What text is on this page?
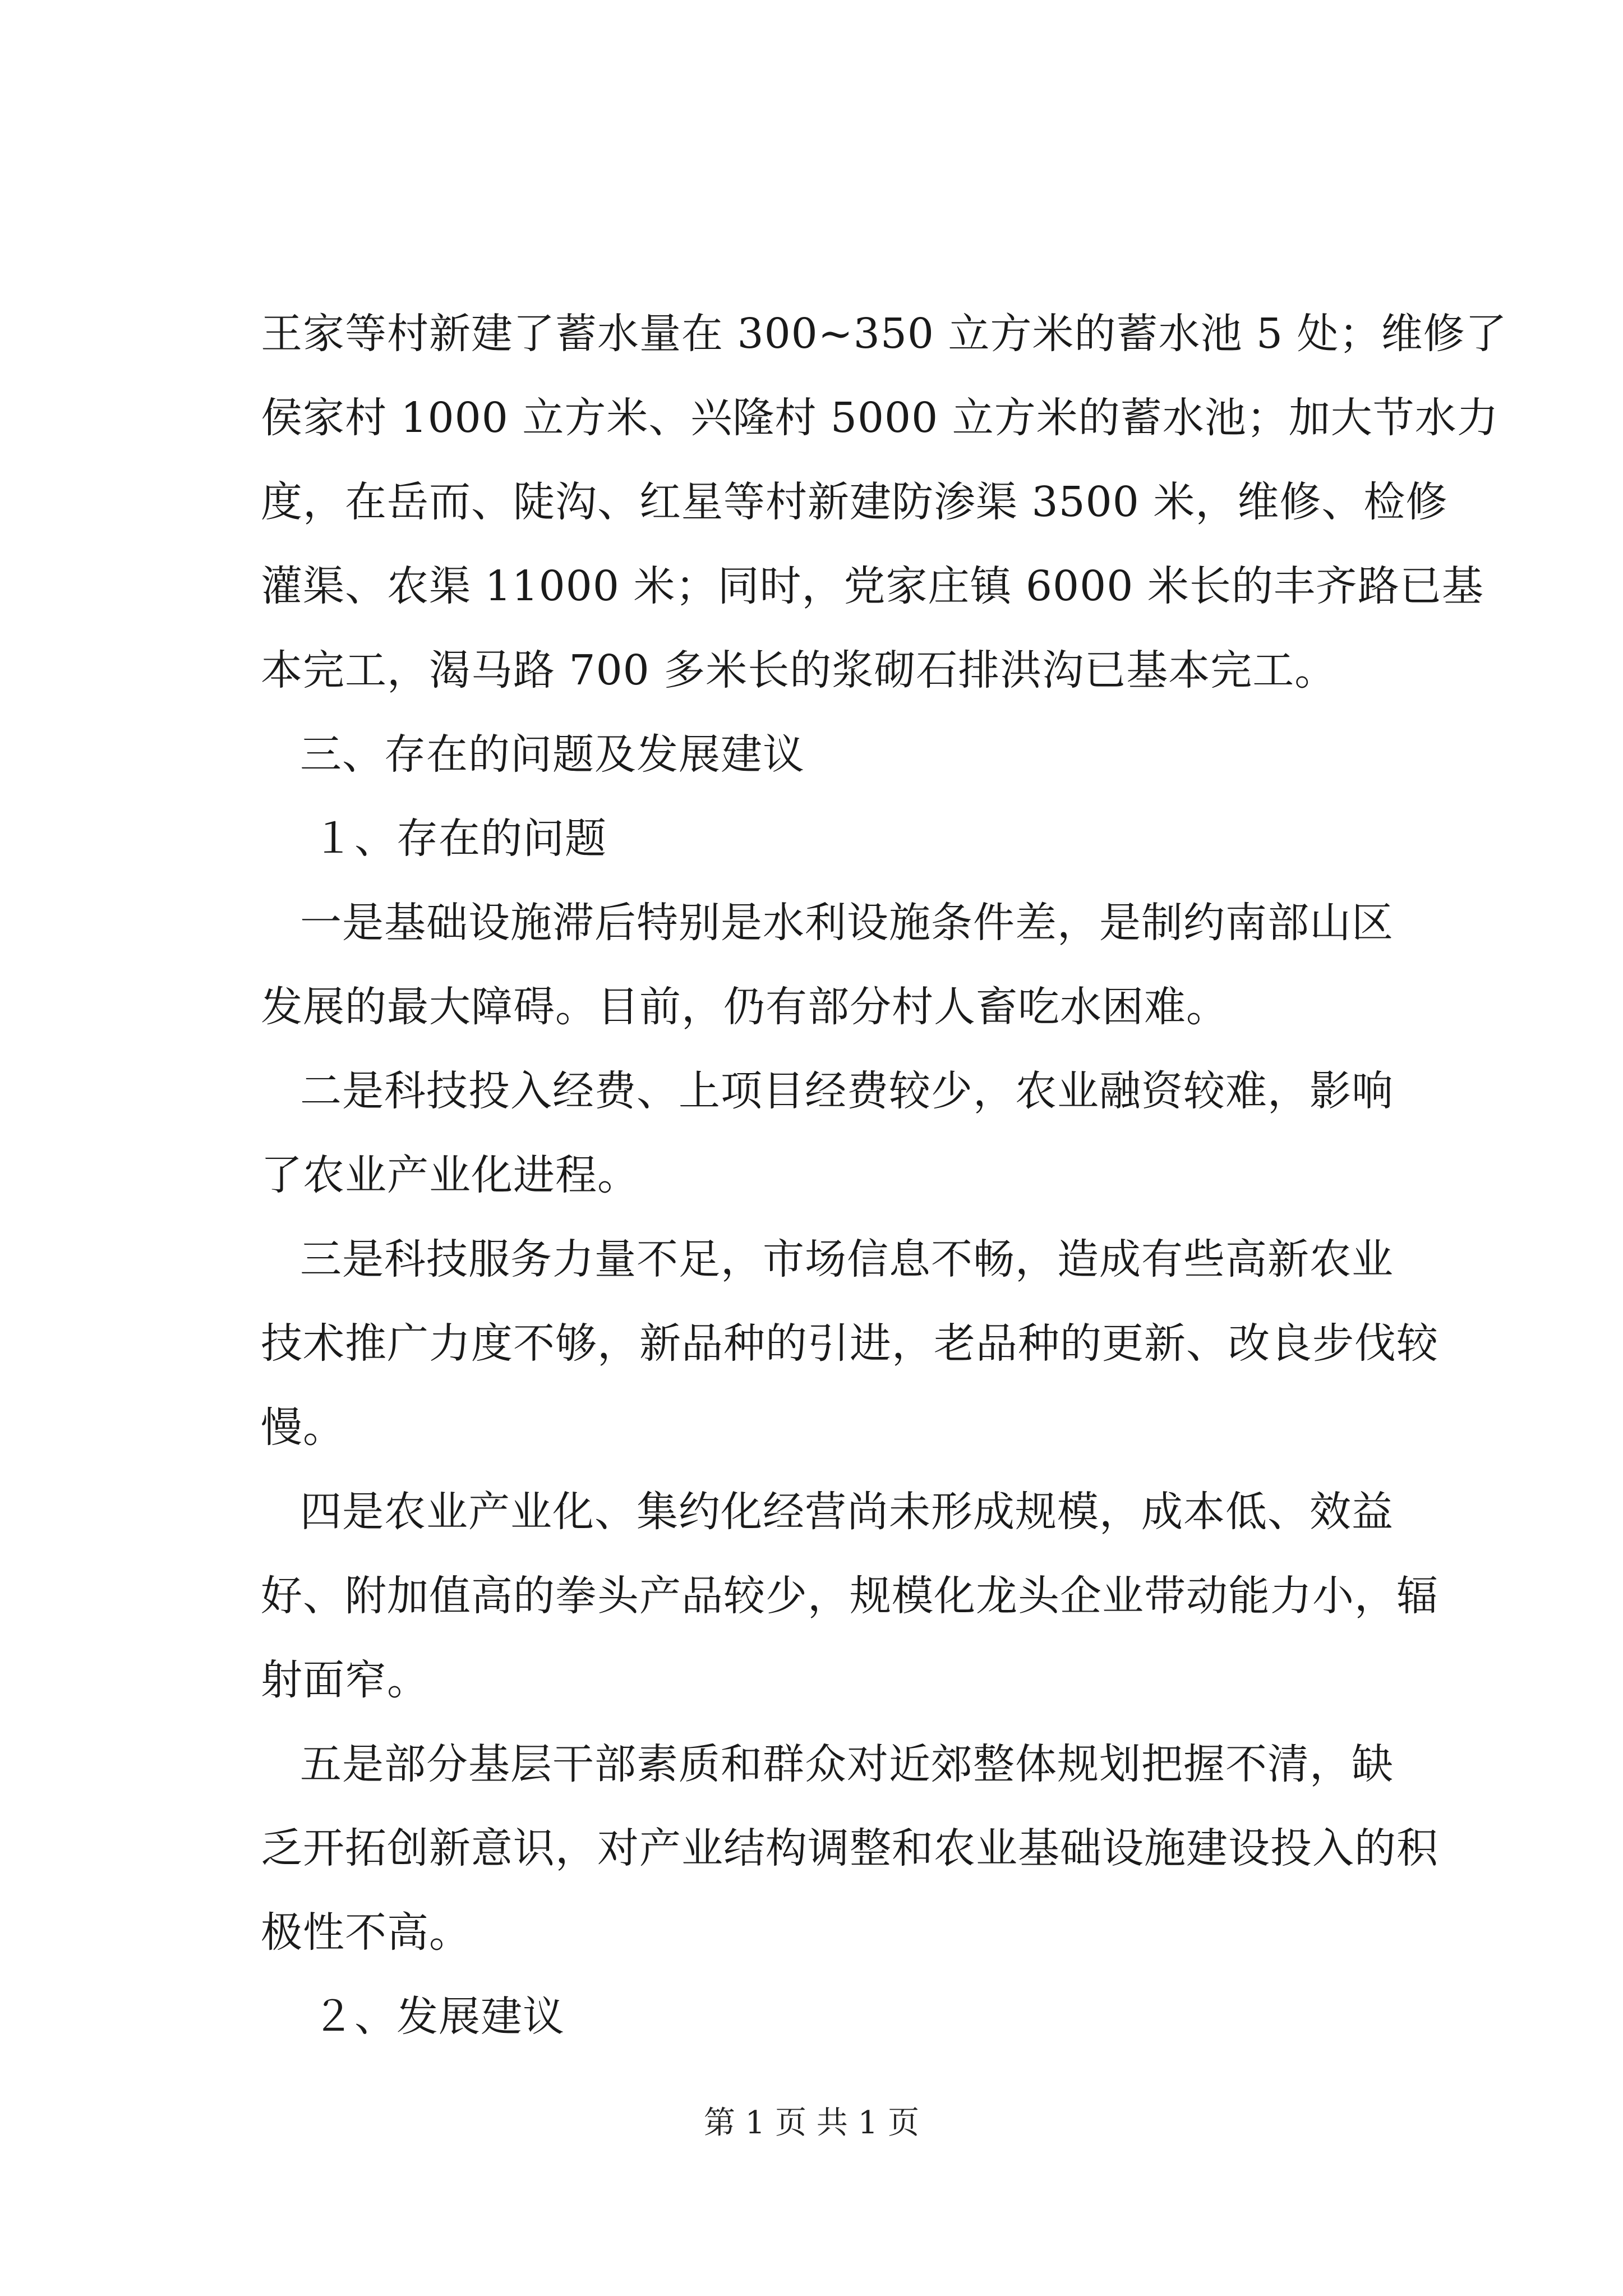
王家等村新建了蓄水量在 300~350 立方米的蓄水池 5 处；维修了
侯家村 1000 立方米、兴隆村 5000 立方米的蓄水池；加大节水力
度，在岳而、陡沟、红星等村新建防渗渠 3500 米，维修、检修
灌渠、农渠 11000 米；同时，党家庄镇 6000 米长的丰齐路已基
本完工，渴马路 700 多米长的浆砌石排洪沟已基本完工。
三、存在的问题及发展建议
１、存在的问题
一是基础设施滞后特别是水利设施条件差，是制约南部山区
发展的最大障碍。目前，仍有部分村人畜吃水困难。
二是科技投入经费、上项目经费较少，农业融资较难，影响
了农业产业化进程。
三是科技服务力量不足，市场信息不畅，造成有些高新农业
技术推广力度不够，新品种的引进，老品种的更新、改良步伐较
慢。
四是农业产业化、集约化经营尚未形成规模，成本低、效益
好、附加值高的拳头产品较少，规模化龙头企业带动能力小，辐
射面窄。
五是部分基层干部素质和群众对近郊整体规划把握不清，缺
乏开拓创新意识，对产业结构调整和农业基础设施建设投入的积
极性不高。
２、发展建议
第 1 页 共 1 页
